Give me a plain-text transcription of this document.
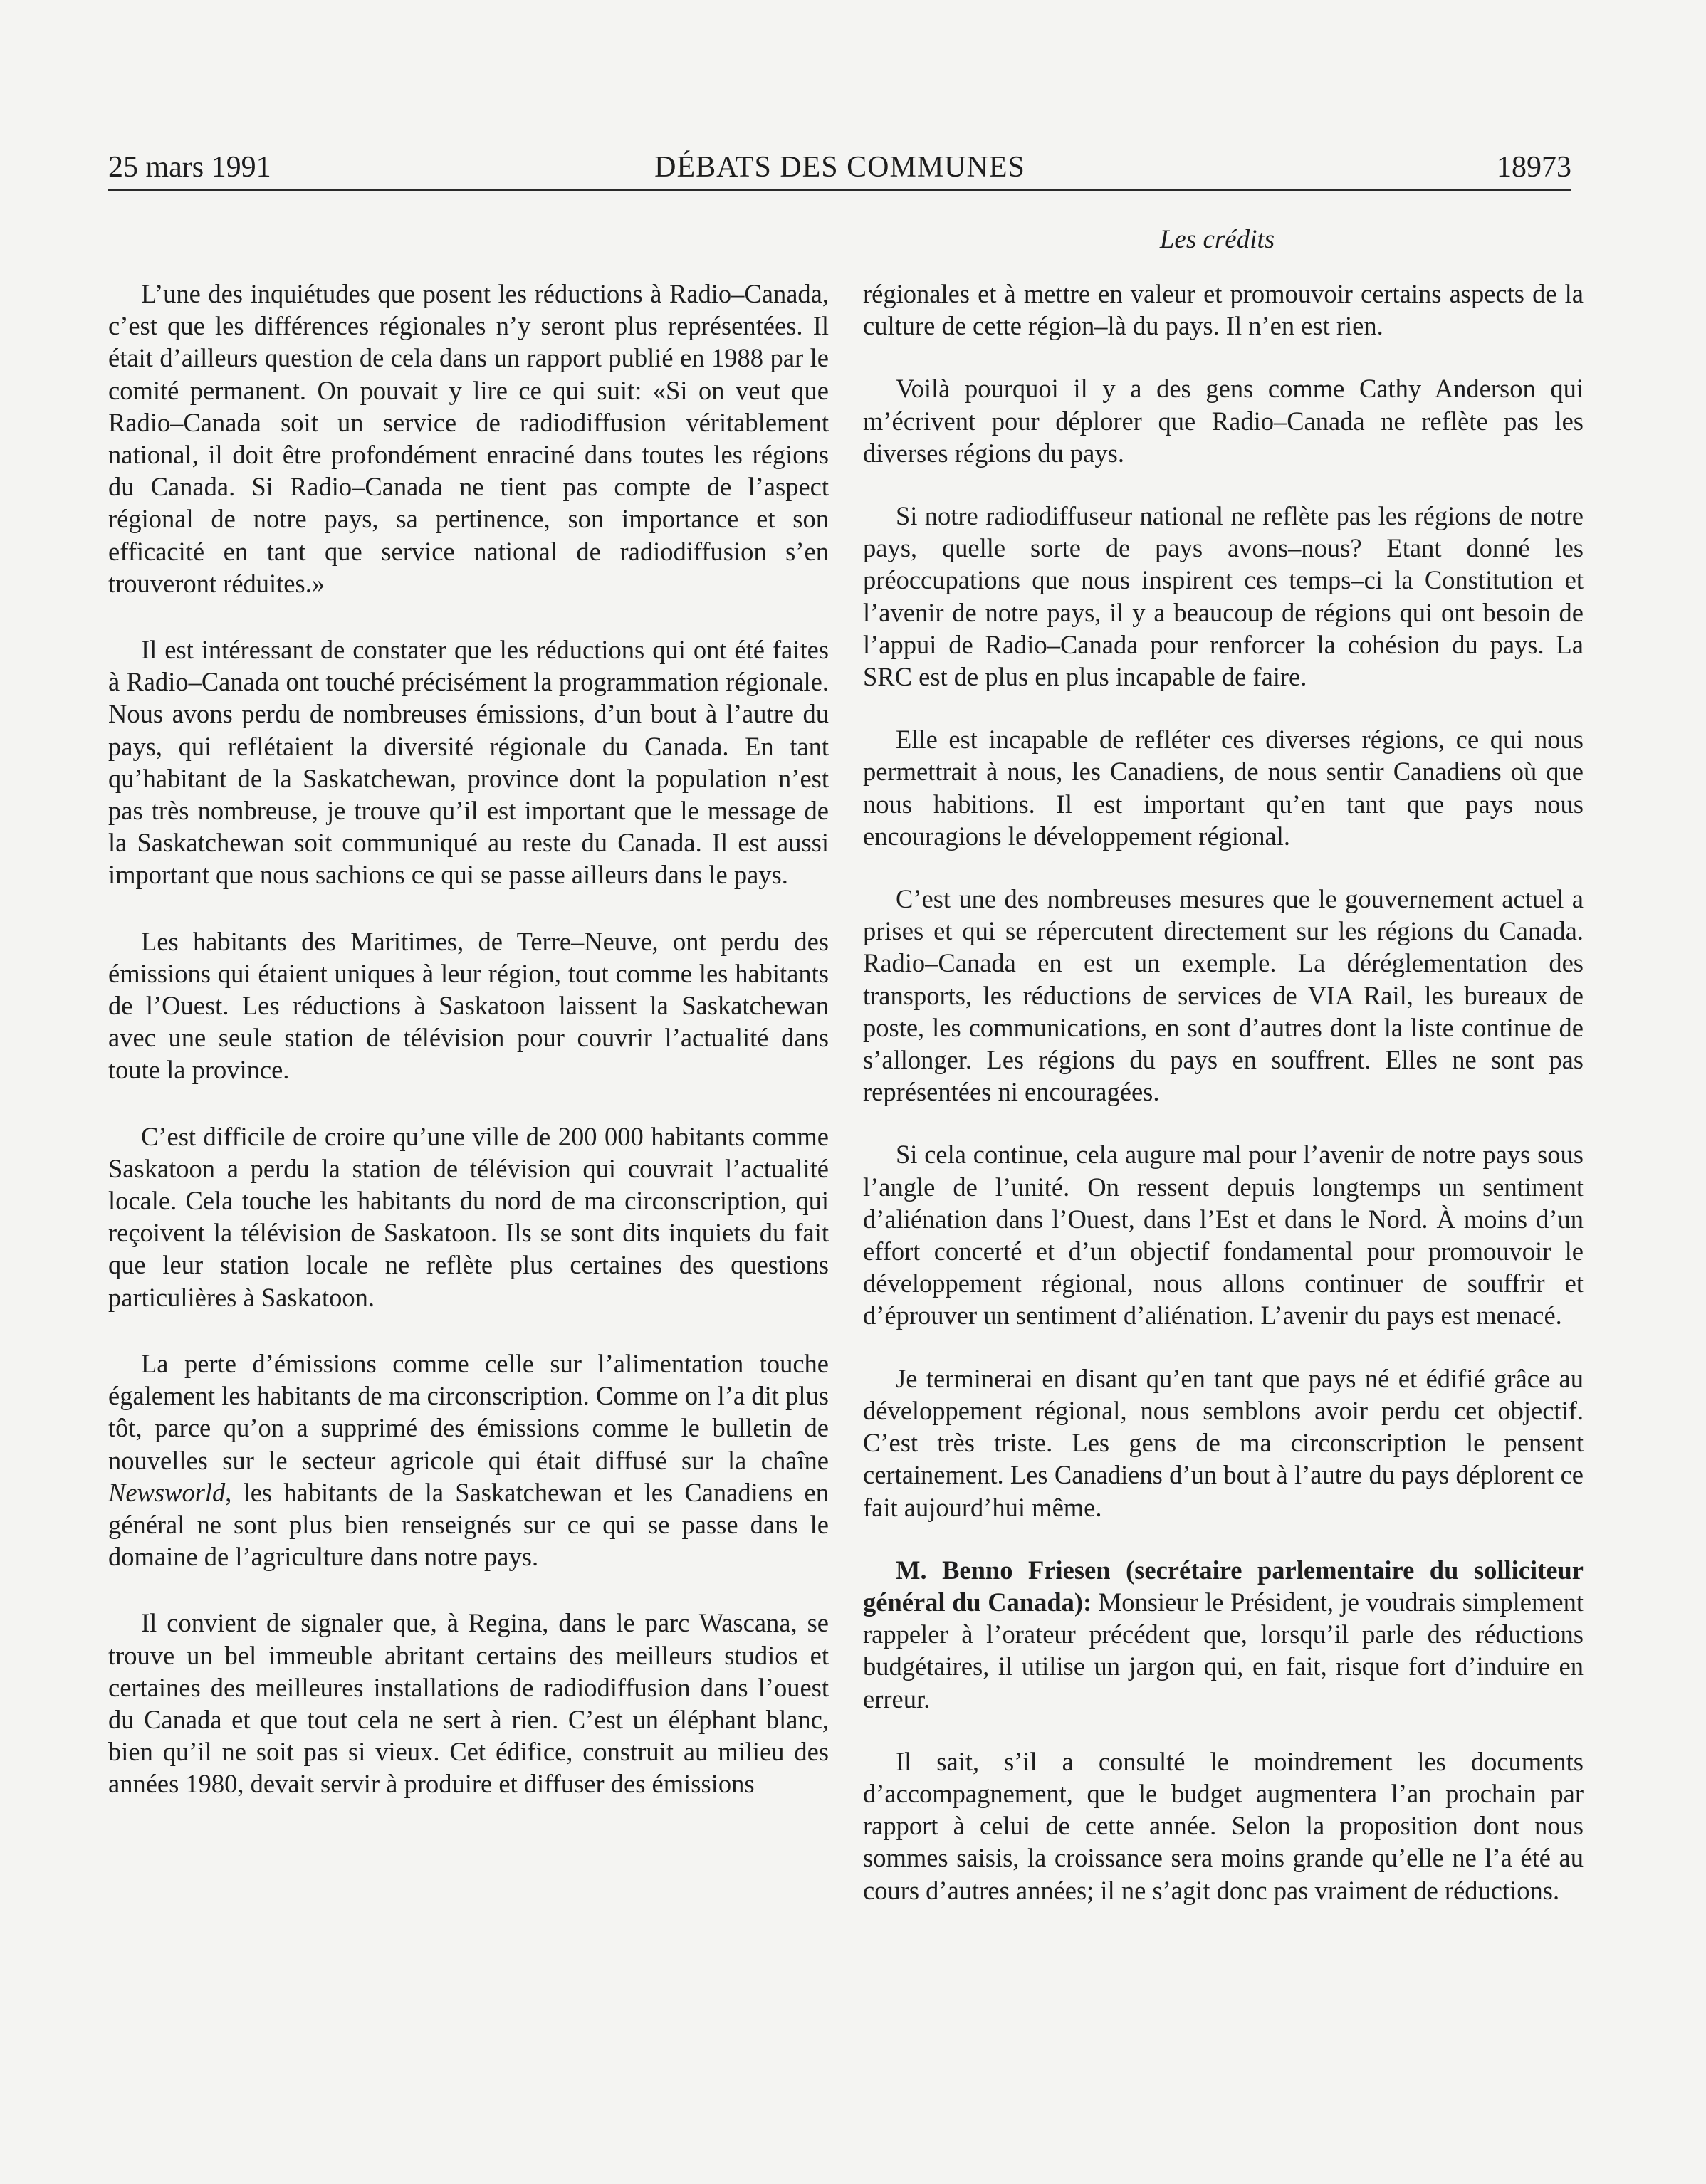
25 mars 1991	DÉBATS DES COMMUNES	18973
Les crédits

L’une des inquiétudes que posent les réductions à Radio–Canada, c’est que les différences régionales n’y seront plus représentées. Il était d’ailleurs question de cela dans un rapport publié en 1988 par le comité permanent. On pouvait y lire ce qui suit: «Si on veut que Radio–Canada soit un service de radiodiffusion véritablement national, il doit être profondément enraciné dans toutes les régions du Canada. Si Radio–Canada ne tient pas compte de l’aspect régional de notre pays, sa pertinence, son importance et son efficacité en tant que service national de radiodiffusion s’en trouveront réduites.»

Il est intéressant de constater que les réductions qui ont été faites à Radio–Canada ont touché précisément la programmation régionale. Nous avons perdu de nombreuses émissions, d’un bout à l’autre du pays, qui reflétaient la diversité régionale du Canada. En tant qu’habitant de la Saskatchewan, province dont la population n’est pas très nombreuse, je trouve qu’il est important que le message de la Saskatchewan soit communiqué au reste du Canada. Il est aussi important que nous sachions ce qui se passe ailleurs dans le pays.

Les habitants des Maritimes, de Terre–Neuve, ont perdu des émissions qui étaient uniques à leur région, tout comme les habitants de l’Ouest. Les réductions à Saskatoon laissent la Saskatchewan avec une seule station de télévision pour couvrir l’actualité dans toute la province.

C’est difficile de croire qu’une ville de 200 000 habitants comme Saskatoon a perdu la station de télévision qui couvrait l’actualité locale. Cela touche les habitants du nord de ma circonscription, qui reçoivent la télévision de Saskatoon. Ils se sont dits inquiets du fait que leur station locale ne reflète plus certaines des questions particulières à Saskatoon.

La perte d’émissions comme celle sur l’alimentation touche également les habitants de ma circonscription. Comme on l’a dit plus tôt, parce qu’on a supprimé des émissions comme le bulletin de nouvelles sur le secteur agricole qui était diffusé sur la chaîne Newsworld, les habitants de la Saskatchewan et les Canadiens en général ne sont plus bien renseignés sur ce qui se passe dans le domaine de l’agriculture dans notre pays.

Il convient de signaler que, à Regina, dans le parc Wascana, se trouve un bel immeuble abritant certains des meilleurs studios et certaines des meilleures installations de radiodiffusion dans l’ouest du Canada et que tout cela ne sert à rien. C’est un éléphant blanc, bien qu’il ne soit pas si vieux. Cet édifice, construit au milieu des années 1980, devait servir à produire et diffuser des émissions

régionales et à mettre en valeur et promouvoir certains aspects de la culture de cette région–là du pays. Il n’en est rien.

Voilà pourquoi il y a des gens comme Cathy Anderson qui m’écrivent pour déplorer que Radio–Canada ne reflète pas les diverses régions du pays.

Si notre radiodiffuseur national ne reflète pas les régions de notre pays, quelle sorte de pays avons–nous? Etant donné les préoccupations que nous inspirent ces temps–ci la Constitution et l’avenir de notre pays, il y a beaucoup de régions qui ont besoin de l’appui de Radio–Canada pour renforcer la cohésion du pays. La SRC est de plus en plus incapable de faire.

Elle est incapable de refléter ces diverses régions, ce qui nous permettrait à nous, les Canadiens, de nous sentir Canadiens où que nous habitions. Il est important qu’en tant que pays nous encouragions le développement régional.

C’est une des nombreuses mesures que le gouvernement actuel a prises et qui se répercutent directement sur les régions du Canada. Radio–Canada en est un exemple. La déréglementation des transports, les réductions de services de VIA Rail, les bureaux de poste, les communications, en sont d’autres dont la liste continue de s’allonger. Les régions du pays en souffrent. Elles ne sont pas représentées ni encouragées.

Si cela continue, cela augure mal pour l’avenir de notre pays sous l’angle de l’unité. On ressent depuis longtemps un sentiment d’aliénation dans l’Ouest, dans l’Est et dans le Nord. À moins d’un effort concerté et d’un objectif fondamental pour promouvoir le développement régional, nous allons continuer de souffrir et d’éprouver un sentiment d’aliénation. L’avenir du pays est menacé.

Je terminerai en disant qu’en tant que pays né et édifié grâce au développement régional, nous semblons avoir perdu cet objectif. C’est très triste. Les gens de ma circonscription le pensent certainement. Les Canadiens d’un bout à l’autre du pays déplorent ce fait aujourd’hui même.

M. Benno Friesen (secrétaire parlementaire du solliciteur général du Canada): Monsieur le Président, je voudrais simplement rappeler à l’orateur précédent que, lorsqu’il parle des réductions budgétaires, il utilise un jargon qui, en fait, risque fort d’induire en erreur.

Il sait, s’il a consulté le moindrement les documents d’accompagnement, que le budget augmentera l’an prochain par rapport à celui de cette année. Selon la proposition dont nous sommes saisis, la croissance sera moins grande qu’elle ne l’a été au cours d’autres années; il ne s’agit donc pas vraiment de réductions.
